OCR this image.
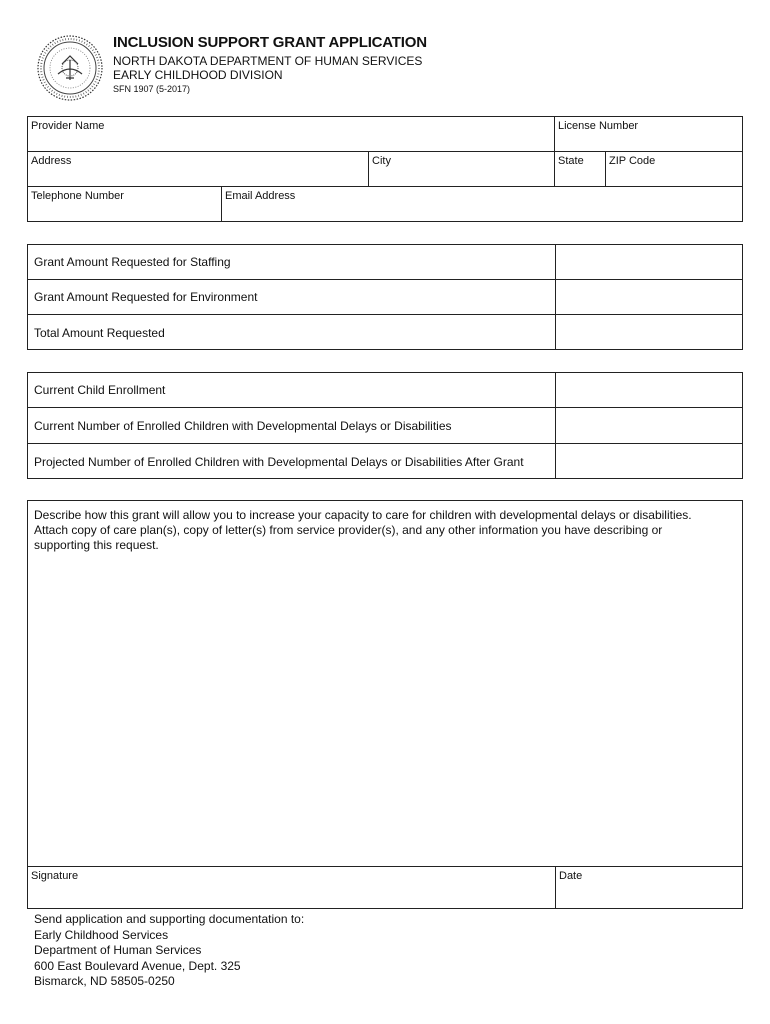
INCLUSION SUPPORT GRANT APPLICATION
NORTH DAKOTA DEPARTMENT OF HUMAN SERVICES
EARLY CHILDHOOD DIVISION
SFN 1907 (5-2017)
Provider Name	License Number
Address	City	State	ZIP Code
Telephone Number	Email Address
Grant Amount Requested for Staffing
Grant Amount Requested for Environment
Total Amount Requested
Current Child Enrollment
Current Number of Enrolled Children with Developmental Delays or Disabilities
Projected Number of Enrolled Children with Developmental Delays or Disabilities After Grant
Describe how this grant will allow you to increase your capacity to care for children with developmental delays or disabilities.
Attach copy of care plan(s), copy of letter(s) from service provider(s), and any other information you have describing or
supporting this request.
Signature	Date
Send application and supporting documentation to:
Early Childhood Services
Department of Human Services
600 East Boulevard Avenue, Dept. 325
Bismarck, ND 58505-0250
